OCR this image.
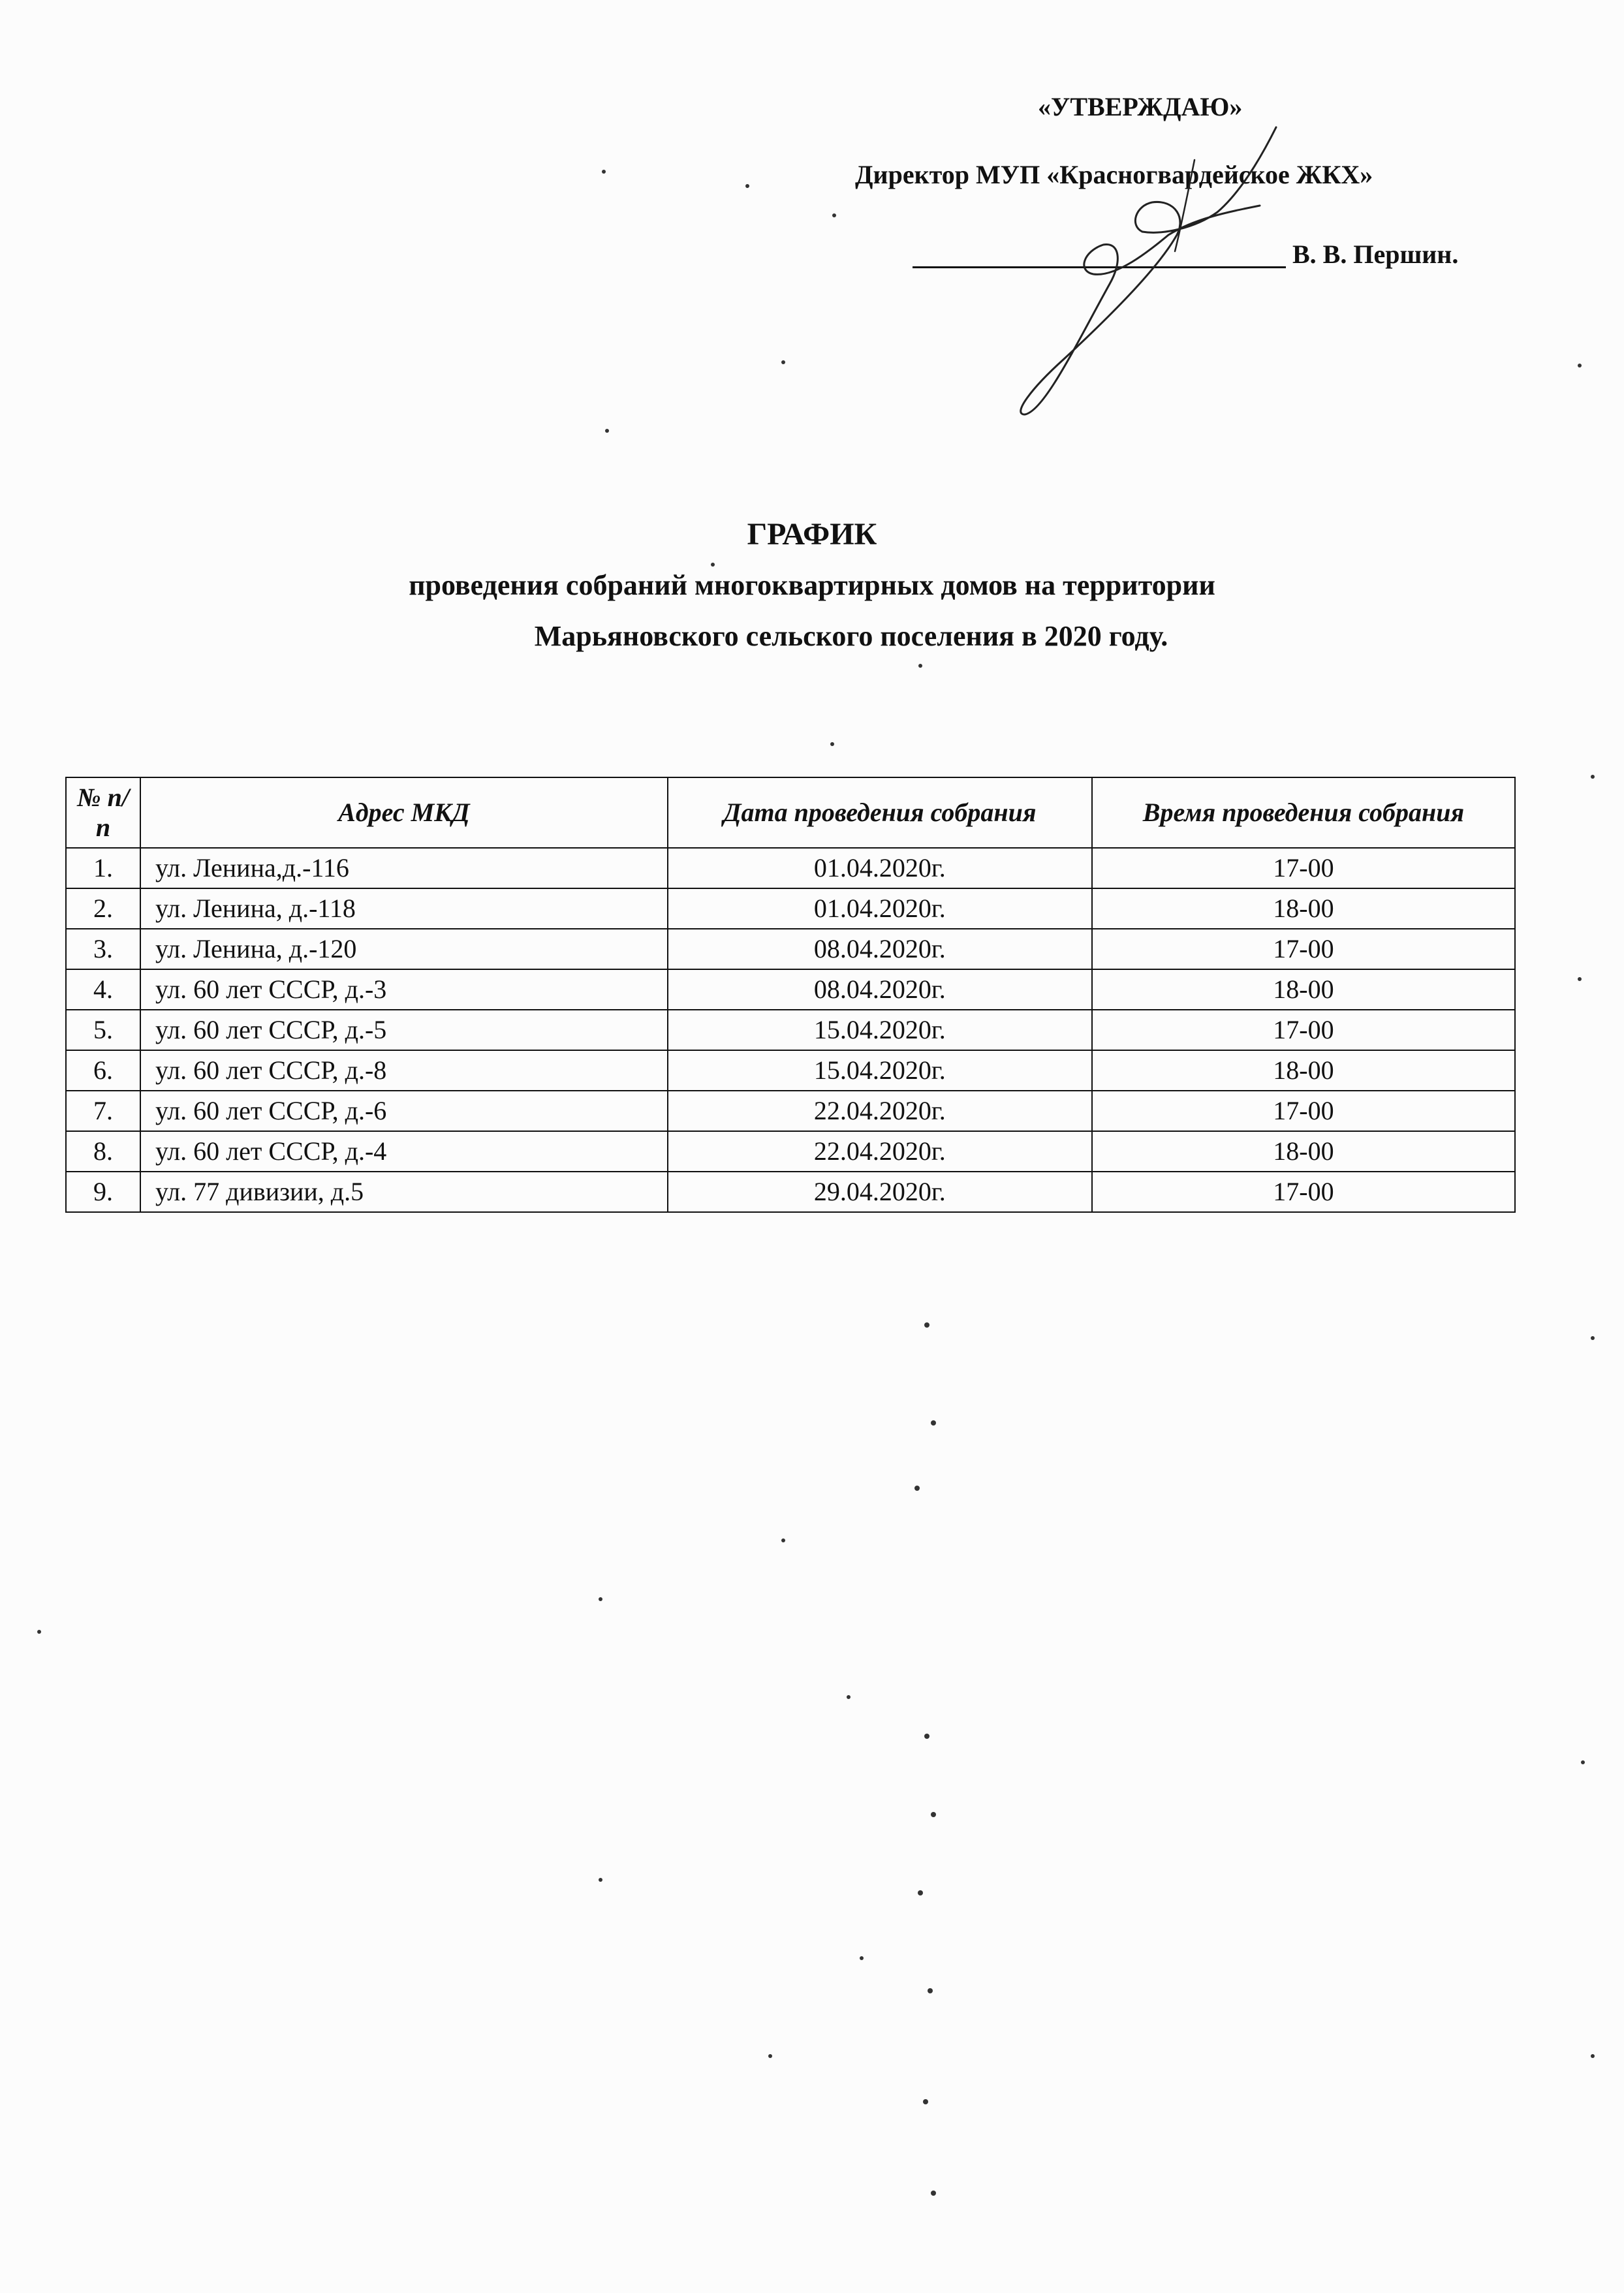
«УТВЕРЖДАЮ»
Директор МУП «Красногвардейское ЖКХ»
В. В. Першин.
ГРАФИК
проведения собраний многоквартирных домов на территории
Марьяновского сельского поселения в 2020 году.
№ п/п	Адрес МКД	Дата проведения собрания	Время проведения собрания
1.	ул. Ленина,д.-116	01.04.2020г.	17-00
2.	ул. Ленина, д.-118	01.04.2020г.	18-00
3.	ул. Ленина, д.-120	08.04.2020г.	17-00
4.	ул. 60 лет СССР, д.-3	08.04.2020г.	18-00
5.	ул. 60 лет СССР, д.-5	15.04.2020г.	17-00
6.	ул. 60 лет СССР, д.-8	15.04.2020г.	18-00
7.	ул. 60 лет СССР, д.-6	22.04.2020г.	17-00
8.	ул. 60 лет СССР, д.-4	22.04.2020г.	18-00
9.	ул. 77 дивизии, д.5	29.04.2020г.	17-00
